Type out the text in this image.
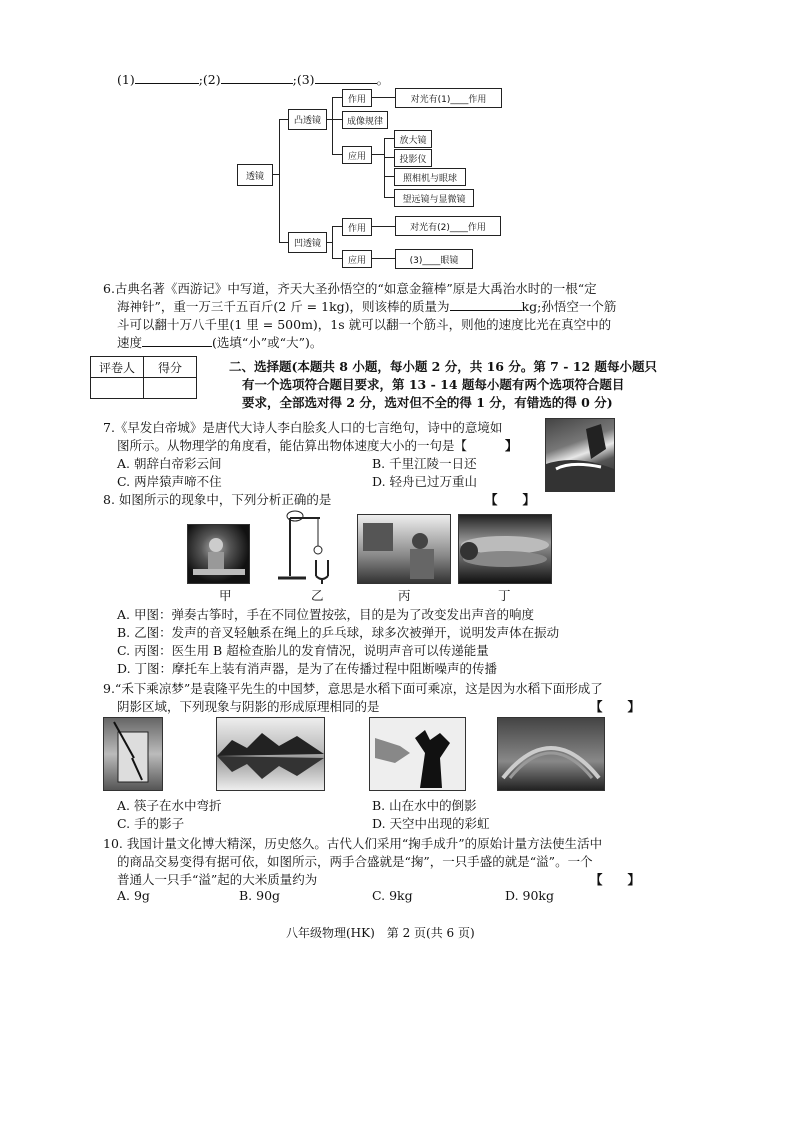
(1)	;(2)	;(3)	。
透镜
凸透镜
凹透镜
作用	对光有(1)____作用
成像规律
应用
放大镜
投影仪
照相机与眼球
望远镜与显微镜
作用	对光有(2)____作用
应用	(3)____眼镜
6.古典名著《西游记》中写道，齐天大圣孙悟空的“如意金箍棒”原是大禹治水时的一根“定
海神针”，重一万三千五百斤(2 斤 = 1kg)，则该棒的质量为	kg;孙悟空一个筋
斗可以翻十万八千里(1 里 = 500m)，1s 就可以翻一个筋斗，则他的速度比光在真空中的
速度	(选填“小”或“大”)。
评卷人	得分
		二、选择题(本题共 8 小题，每小题 2 分，共 16 分。第 7 - 12 题每小题只
有一个选项符合题目要求，第 13 - 14 题每小题有两个选项符合题目
要求，全部选对得 2 分，选对但不全的得 1 分，有错选的得 0 分)
7.《早发白帝城》是唐代大诗人李白脍炙人口的七言绝句，诗中的意境如
图所示。从物理学的角度看，能估算出物体速度大小的一句是【	】
A. 朝辞白帝彩云间	B. 千里江陵一日还
C. 两岸猿声啼不住	D. 轻舟已过万重山
8. 如图所示的现象中，下列分析正确的是	【　　】
甲	乙	丙	丁
A. 甲图：弹奏古筝时，手在不同位置按弦，目的是为了改变发出声音的响度
B. 乙图：发声的音叉轻触系在绳上的乒乓球，球多次被弹开，说明发声体在振动
C. 丙图：医生用 B 超检查胎儿的发育情况，说明声音可以传递能量
D. 丁图：摩托车上装有消声器，是为了在传播过程中阻断噪声的传播
9.“禾下乘凉梦”是袁隆平先生的中国梦，意思是水稻下面可乘凉，这是因为水稻下面形成了
阴影区域，下列现象与阴影的形成原理相同的是	【　　】
A. 筷子在水中弯折	B. 山在水中的倒影
C. 手的影子	D. 天空中出现的彩虹
10. 我国计量文化博大精深，历史悠久。古代人们采用“掬手成升”的原始计量方法使生活中
的商品交易变得有据可依，如图所示，两手合盛就是“掬”，一只手盛的就是“溢”。一个
普通人一只手“溢”起的大米质量约为	【　　】
A. 9g	B. 90g	C. 9kg	D. 90kg
八年级物理(HK)　第 2 页(共 6 页)
